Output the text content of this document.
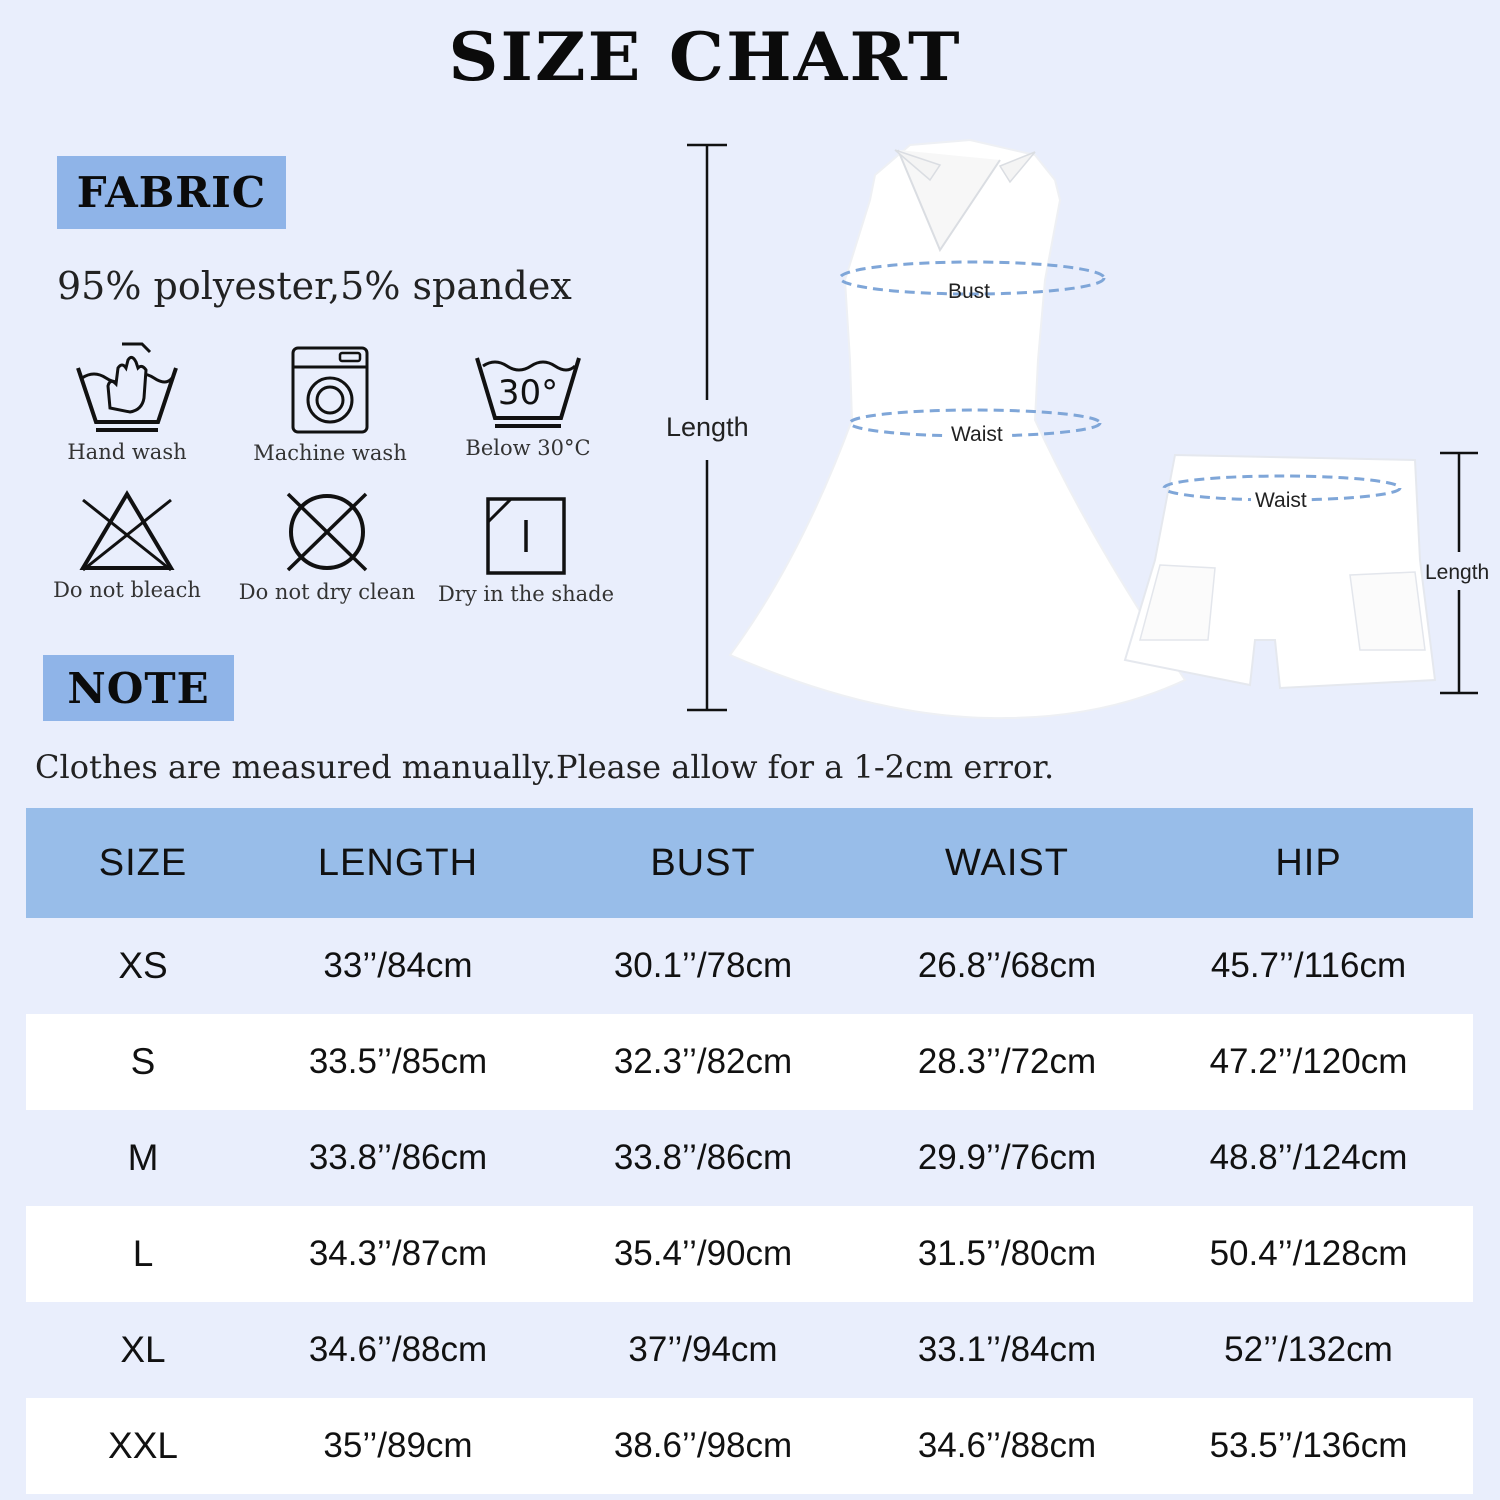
SIZE CHART
FABRIC
95% polyester,5% spandex
Hand wash	Machine wash
30°
Below 30°C
Do not bleach	Do not dry clean Dry in the shade
Length
Bust
Waist
Waist
Length
NOTE
Clothes are measured manually.Please allow for a 1-2cm error.
SIZE	LENGTH	BUST	WAIST	HIP
XS	33’’/84cm	30.1’’/78cm	26.8’’/68cm	45.7’’/116cm
S	33.5’’/85cm	32.3’’/82cm	28.3’’/72cm	47.2’’/120cm
M	33.8’’/86cm	33.8’’/86cm	29.9’’/76cm	48.8’’/124cm
L	34.3’’/87cm	35.4’’/90cm	31.5’’/80cm	50.4’’/128cm
XL	34.6’’/88cm	37’’/94cm	33.1’’/84cm	52’’/132cm
XXL	35’’/89cm	38.6’’/98cm	34.6’’/88cm	53.5’’/136cm
